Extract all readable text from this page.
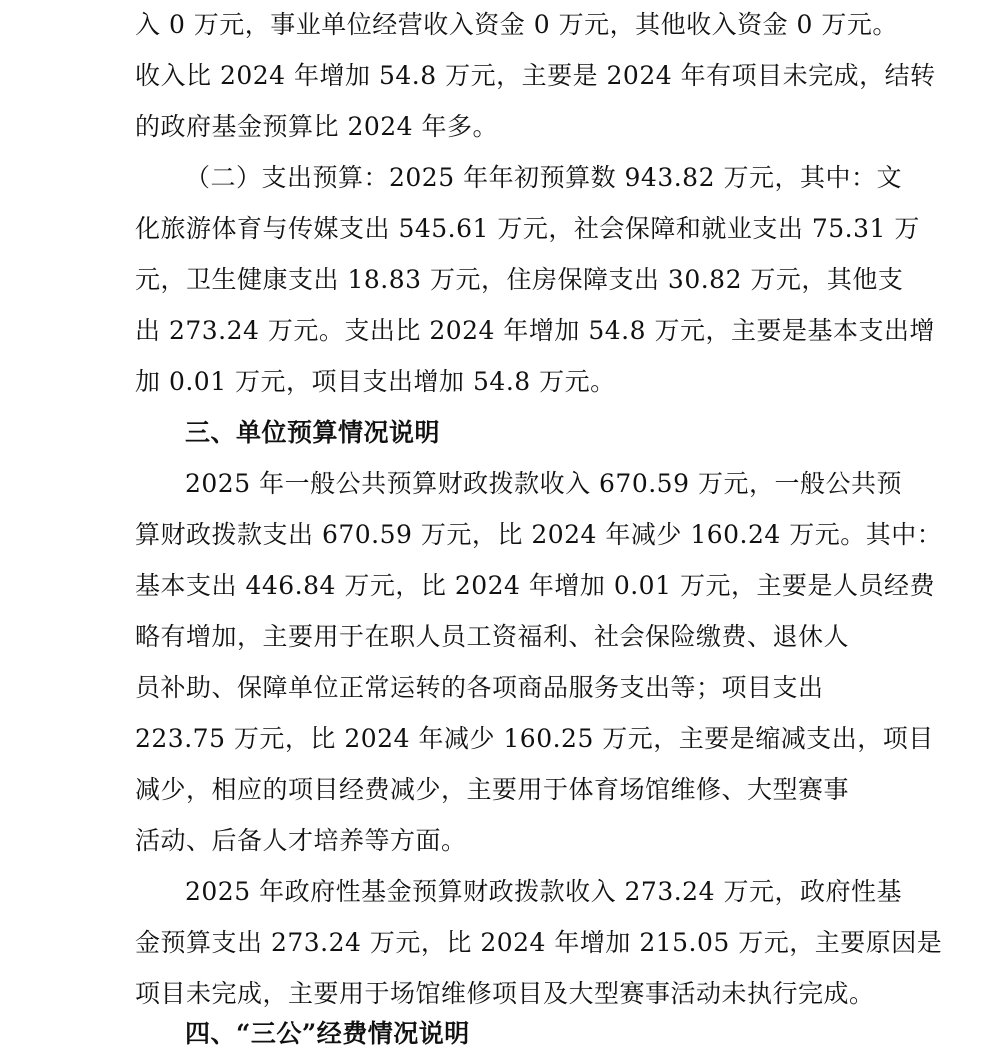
入 0 万元，事业单位经营收入资金 0 万元，其他收入资金 0 万元。
收入比 2024 年增加 54.8 万元，主要是 2024 年有项目未完成，结转
的政府基金预算比 2024 年多。
（二）支出预算：2025 年年初预算数 943.82 万元，其中：文
化旅游体育与传媒支出 545.61 万元，社会保障和就业支出 75.31 万
元，卫生健康支出 18.83 万元，住房保障支出 30.82 万元，其他支
出 273.24 万元。支出比 2024 年增加 54.8 万元，主要是基本支出增
加 0.01 万元，项目支出增加 54.8 万元。
三、单位预算情况说明
2025 年一般公共预算财政拨款收入 670.59 万元，一般公共预
算财政拨款支出 670.59 万元，比 2024 年减少 160.24 万元。其中：
基本支出 446.84 万元，比 2024 年增加 0.01 万元，主要是人员经费
略有增加，主要用于在职人员工资福利、社会保险缴费、退休人
员补助、保障单位正常运转的各项商品服务支出等；项目支出
223.75 万元，比 2024 年减少 160.25 万元，主要是缩减支出，项目
减少，相应的项目经费减少，主要用于体育场馆维修、大型赛事
活动、后备人才培养等方面。
2025 年政府性基金预算财政拨款收入 273.24 万元，政府性基
金预算支出 273.24 万元，比 2024 年增加 215.05 万元，主要原因是
项目未完成，主要用于场馆维修项目及大型赛事活动未执行完成。
四、“三公”经费情况说明
